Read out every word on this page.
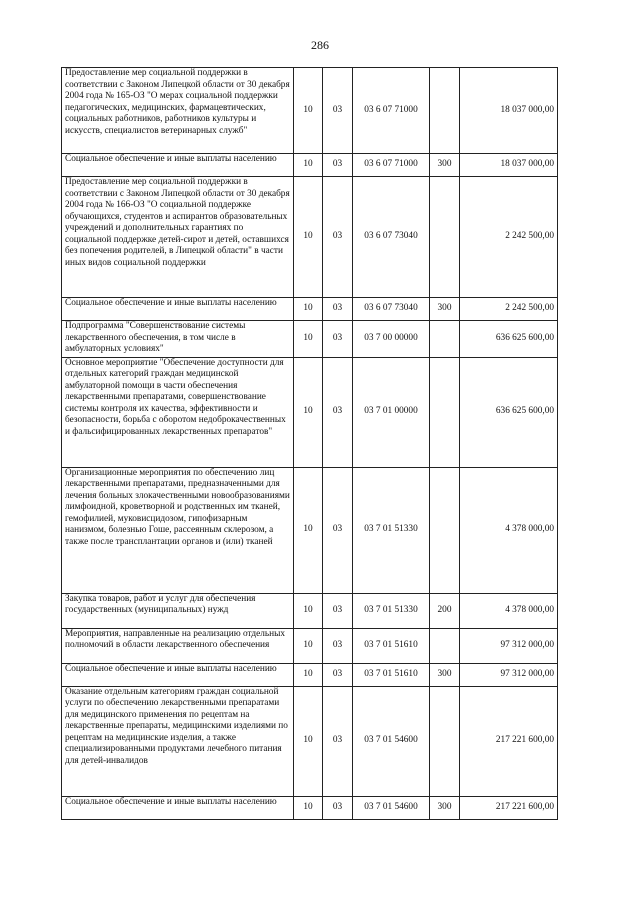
286
Предоставление мер социальной поддержки в соответствии с Законом Липецкой области от 30 декабря 2004 года № 165-ОЗ "О мерах социальной поддержки педагогических, медицинских, фармацевтических, социальных работников, работников культуры и искусств, специалистов ветеринарных служб"	10	03	03 6 07 71000		18 037 000,00
Социальное обеспечение и иные выплаты населению	10	03	03 6 07 71000	300	18 037 000,00
Предоставление мер социальной поддержки в соответствии с Законом Липецкой области от 30 декабря 2004 года № 166-ОЗ "О социальной поддержке обучающихся, студентов и аспирантов образовательных учреждений и дополнительных гарантиях по социальной поддержке детей-сирот и детей, оставшихся без попечения родителей, в Липецкой области" в части иных видов социальной поддержки	10	03	03 6 07 73040		2 242 500,00
Социальное обеспечение и иные выплаты населению	10	03	03 6 07 73040	300	2 242 500,00
Подпрограмма "Совершенствование системы лекарственного обеспечения, в том числе в амбулаторных условиях"	10	03	03 7 00 00000		636 625 600,00
Основное мероприятие "Обеспечение доступности для отдельных категорий граждан медицинской амбулаторной помощи в части обеспечения лекарственными препаратами, совершенствование системы контроля их качества, эффективности и безопасности, борьба с оборотом недоброкачественных и фальсифицированных лекарственных препаратов"	10	03	03 7 01 00000		636 625 600,00
Организационные мероприятия по обеспечению лиц лекарственными препаратами, предназначенными для лечения больных злокачественными новообразованиями лимфоидной, кроветворной и родственных им тканей, гемофилией, муковисцидозом, гипофизарным нанизмом, болезнью Гоше, рассеянным склерозом, а также после трансплантации органов и (или) тканей	10	03	03 7 01 51330		4 378 000,00
Закупка товаров, работ и услуг для обеспечения государственных (муниципальных) нужд	10	03	03 7 01 51330	200	4 378 000,00
Мероприятия, направленные на реализацию отдельных полномочий в области лекарственного обеспечения	10	03	03 7 01 51610		97 312 000,00
Социальное обеспечение и иные выплаты населению	10	03	03 7 01 51610	300	97 312 000,00
Оказание отдельным категориям граждан социальной услуги по обеспечению лекарственными препаратами для медицинского применения по рецептам на лекарственные препараты, медицинскими изделиями по рецептам на медицинские изделия, а также специализированными продуктами лечебного питания для детей-инвалидов	10	03	03 7 01 54600		217 221 600,00
Социальное обеспечение и иные выплаты населению	10	03	03 7 01 54600	300	217 221 600,00
